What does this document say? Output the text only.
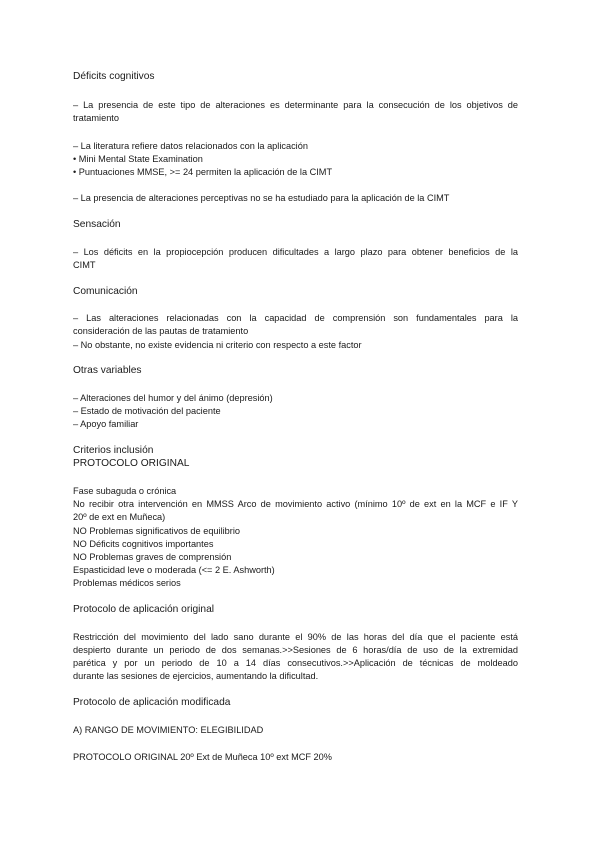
Déficits cognitivos
– La presencia de este tipo de alteraciones es determinante para la consecución de los objetivos de
tratamiento
– La literatura refiere datos relacionados con la aplicación
• Mini Mental State Examination
• Puntuaciones MMSE, >= 24 permiten la aplicación de la CIMT
– La presencia de alteraciones perceptivas no se ha estudiado para la aplicación de la CIMT
Sensación
– Los déficits en la propiocepción producen dificultades a largo plazo para obtener beneficios de la
CIMT
Comunicación
– Las alteraciones relacionadas con la capacidad de comprensión son fundamentales para la
consideración de las pautas de tratamiento
– No obstante, no existe evidencia ni criterio con respecto a este factor
Otras variables
– Alteraciones del humor y del ánimo (depresión)
– Estado de motivación del paciente
– Apoyo familiar
Criterios inclusión
PROTOCOLO ORIGINAL
Fase subaguda o crónica
No recibir otra intervención en MMSS Arco de movimiento activo (mínimo 10º de ext en la MCF e IF Y
20º de ext en Muñeca)
NO Problemas significativos de equilibrio
NO Déficits cognitivos importantes
NO Problemas graves de comprensión
Espasticidad leve o moderada (<= 2 E. Ashworth)
Problemas médicos serios
Protocolo de aplicación original
Restricción del movimiento del lado sano durante el 90% de las horas del día que el paciente está
despierto durante un periodo de dos semanas.>>Sesiones de 6 horas/día de uso de la extremidad
parética y por un periodo de 10 a 14 días consecutivos.>>Aplicación de técnicas de moldeado
durante las sesiones de ejercicios, aumentando la dificultad.
Protocolo de aplicación modificada
A) RANGO DE MOVIMIENTO: ELEGIBILIDAD
PROTOCOLO ORIGINAL 20º Ext de Muñeca 10º ext MCF 20%
